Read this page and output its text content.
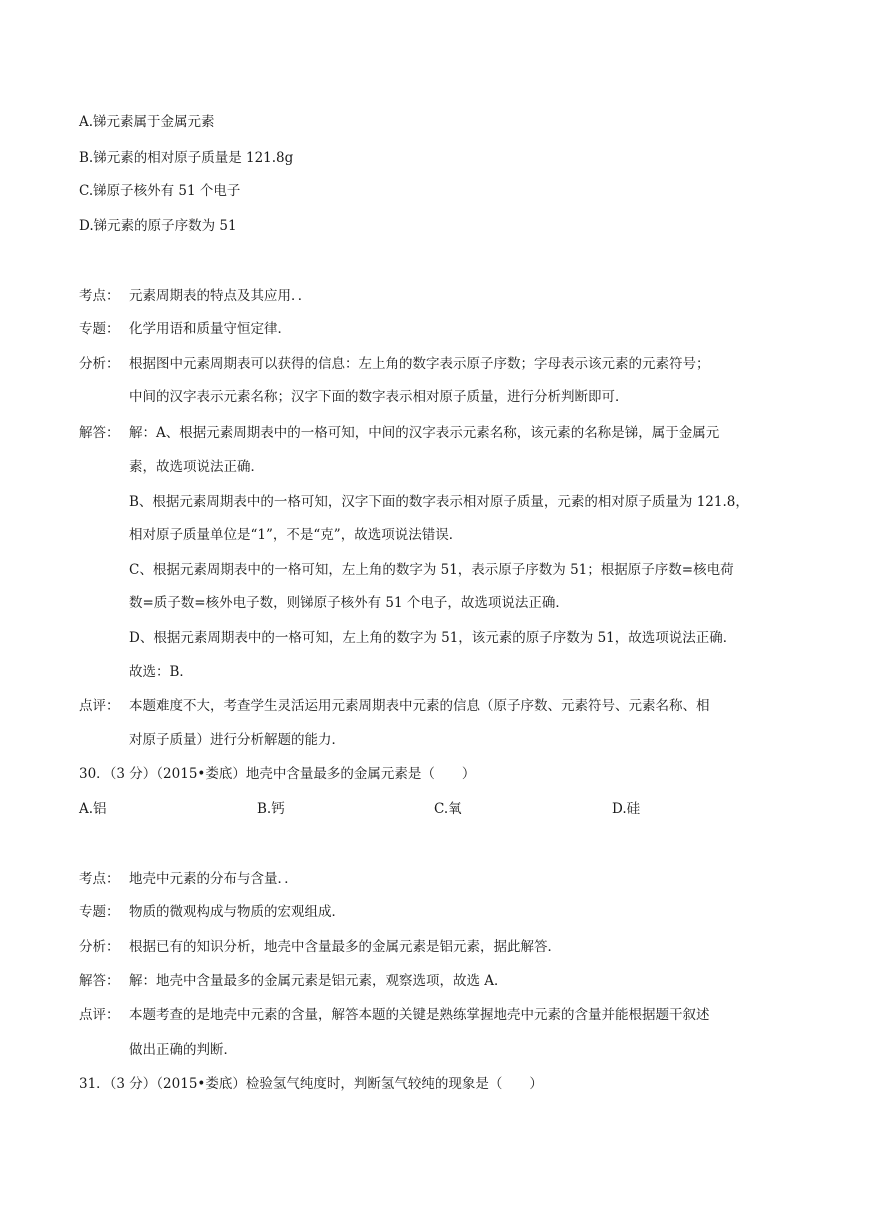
A.锑元素属于金属元素
B.锑元素的相对原子质量是 121.8g
C.锑原子核外有 51 个电子
D.锑元素的原子序数为 51
考点： 元素周期表的特点及其应用．．
专题： 化学用语和质量守恒定律．
分析： 根据图中元素周期表可以获得的信息：左上角的数字表示原子序数；字母表示该元素的元素符号；
中间的汉字表示元素名称；汉字下面的数字表示相对原子质量，进行分析判断即可．
解答： 解：A、根据元素周期表中的一格可知，中间的汉字表示元素名称，该元素的名称是锑，属于金属元
素，故选项说法正确．
B、根据元素周期表中的一格可知，汉字下面的数字表示相对原子质量，元素的相对原子质量为 121.8，
相对原子质量单位是“1”，不是“克”，故选项说法错误．
C、根据元素周期表中的一格可知，左上角的数字为 51，表示原子序数为 51；根据原子序数=核电荷
数=质子数=核外电子数，则锑原子核外有 51 个电子，故选项说法正确．
D、根据元素周期表中的一格可知，左上角的数字为 51，该元素的原子序数为 51，故选项说法正确．
故选：B．
点评： 本题难度不大，考查学生灵活运用元素周期表中元素的信息（原子序数、元素符号、元素名称、相
对原子质量）进行分析解题的能力．
30．（3 分）（2015•娄底）地壳中含量最多的金属元素是（　　）
A.铝	B.钙	C.氧	D.硅
考点： 地壳中元素的分布与含量．．
专题： 物质的微观构成与物质的宏观组成．
分析： 根据已有的知识分析，地壳中含量最多的金属元素是铝元素，据此解答．
解答： 解：地壳中含量最多的金属元素是铝元素，观察选项，故选 A．
点评： 本题考查的是地壳中元素的含量，解答本题的关键是熟练掌握地壳中元素的含量并能根据题干叙述
做出正确的判断．
31．（3 分）（2015•娄底）检验氢气纯度时，判断氢气较纯的现象是（　　）
